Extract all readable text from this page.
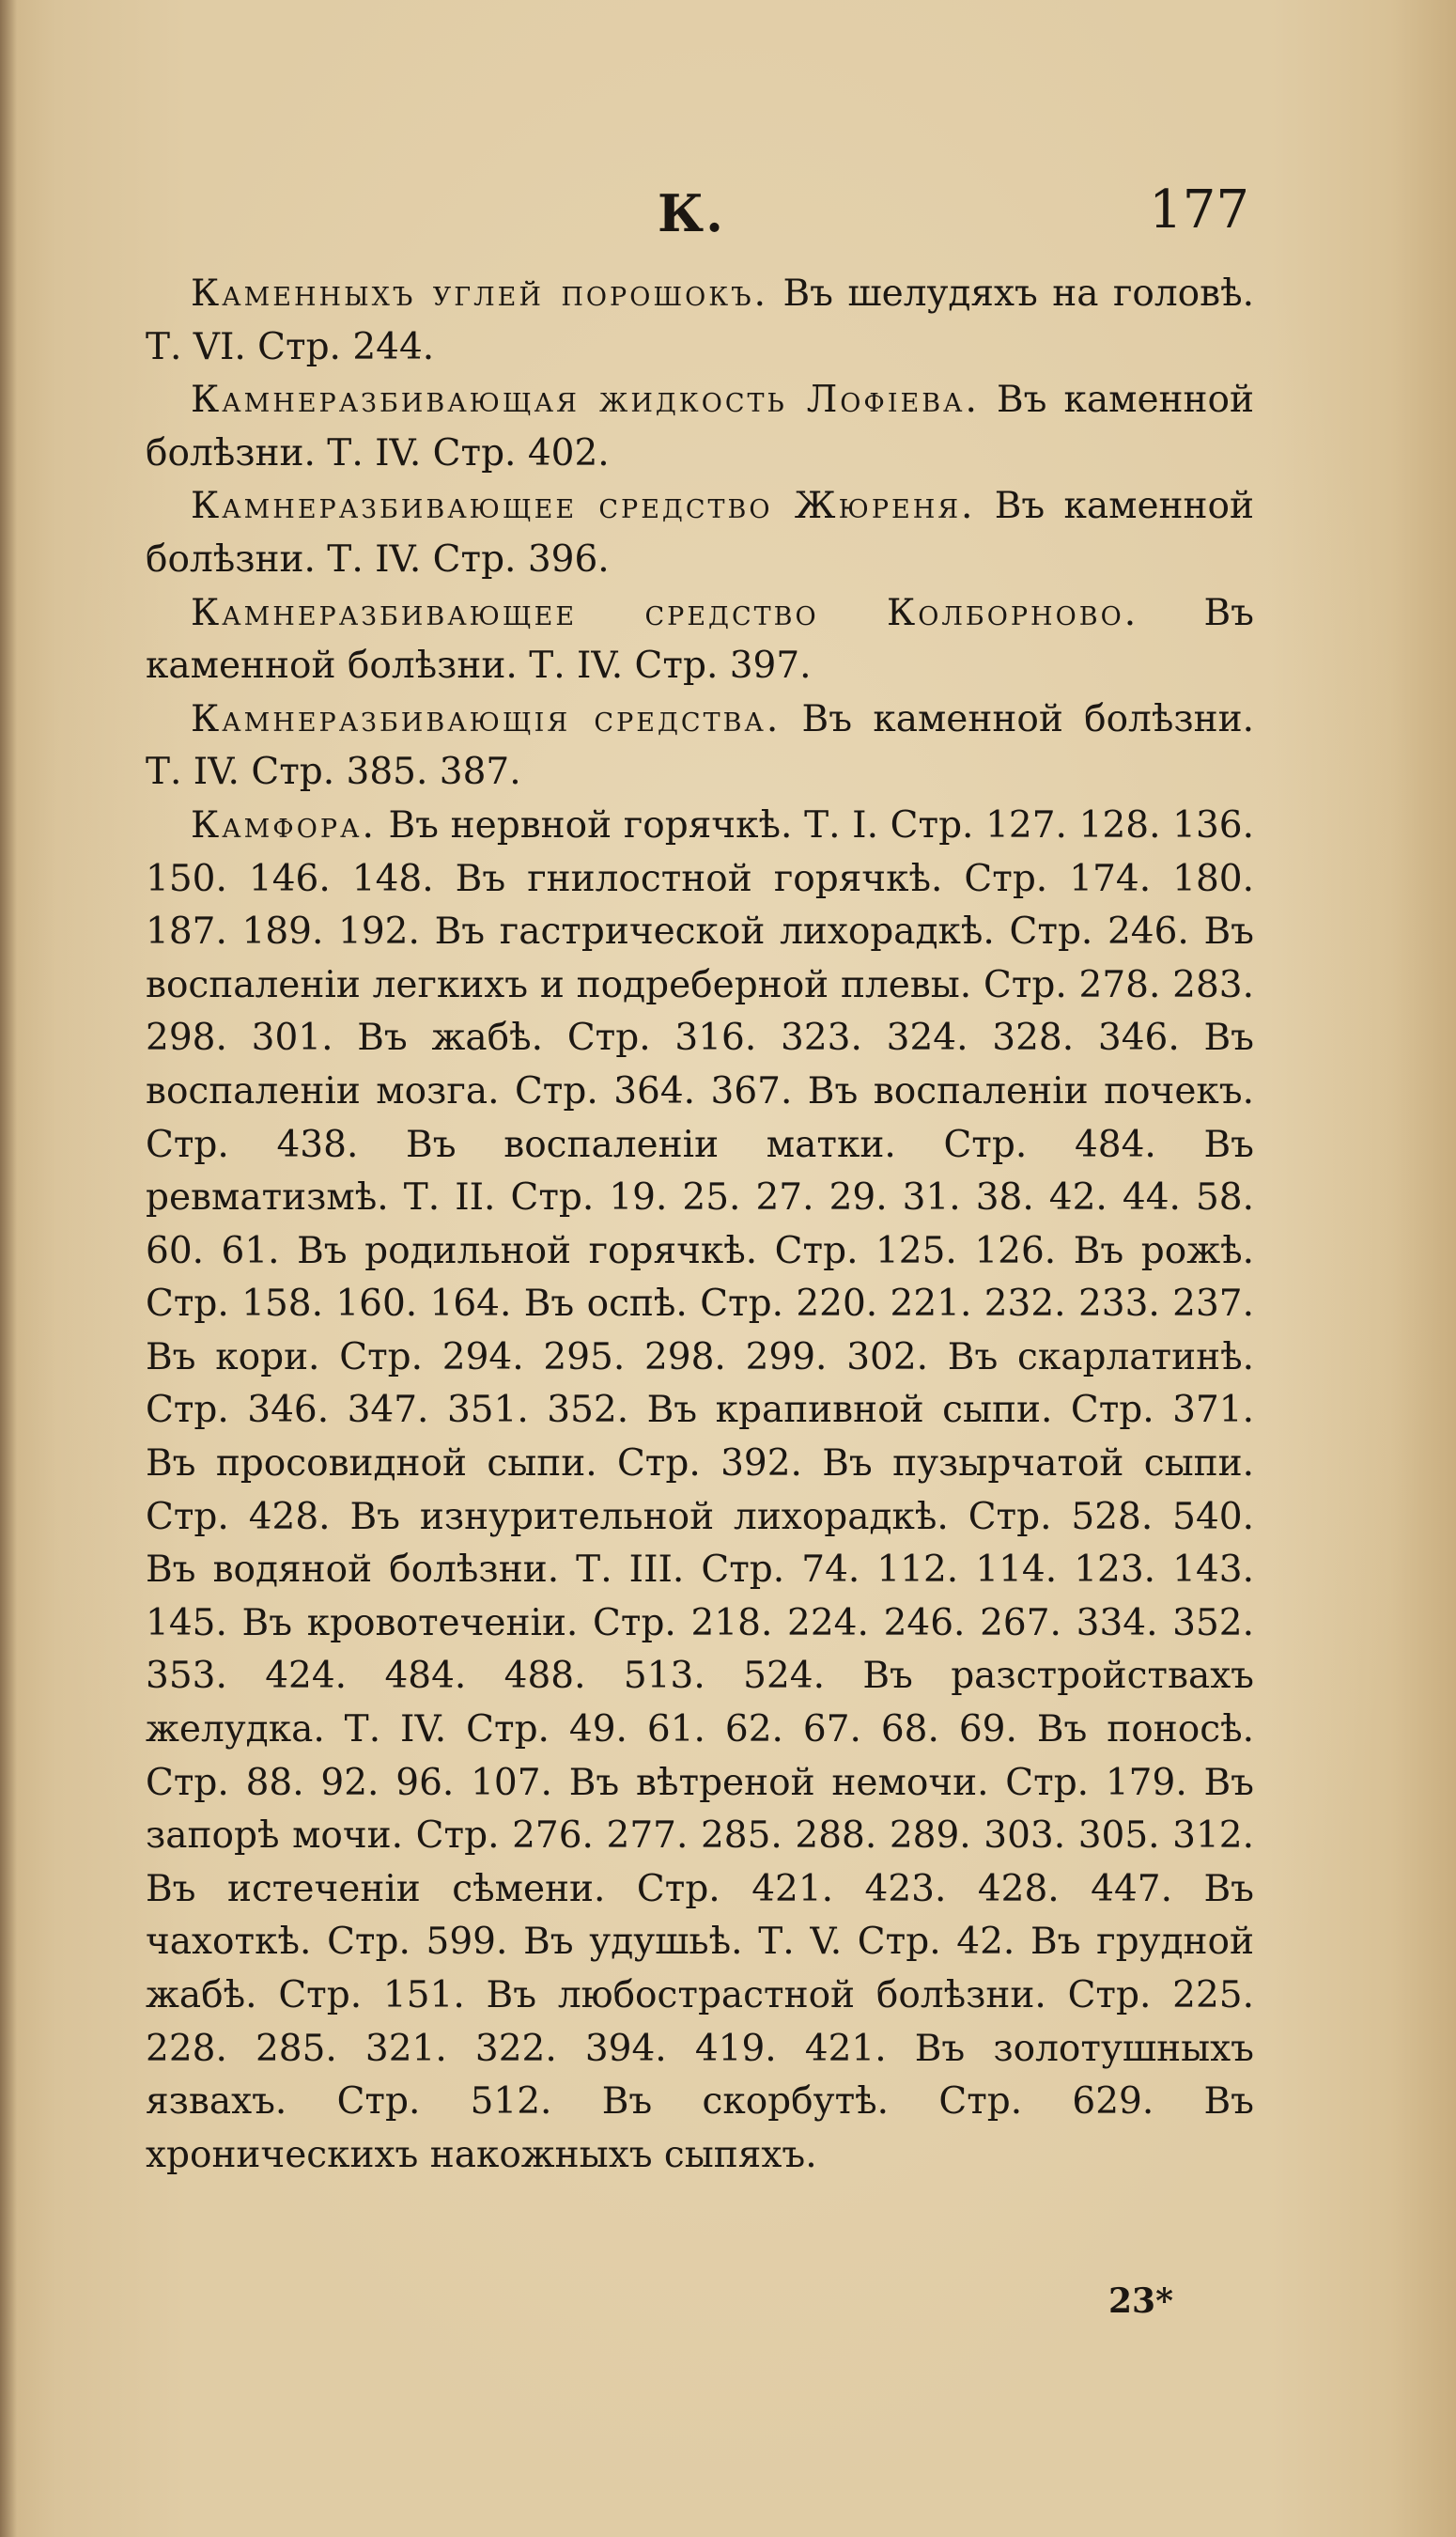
К.	177

Каменныхъ углей порошокъ. Въ шелудяхъ на головѣ. Т. VI. Стр. 244.

Камнеразбивающая жидкость Лофіева. Въ каменной болѣзни. Т. IV. Стр. 402.

Камнеразбивающее средство Жюреня. Въ каменной болѣзни. Т. IV. Стр. 396.

Камнеразбивающее средство Колборново. Въ каменной болѣзни. Т. IV. Стр. 397.

Камнеразбивающія средства. Въ каменной болѣзни. Т. IV. Стр. 385. 387.

Камфора. Въ нервной горячкѣ. Т. I. Стр. 127. 128. 136. 150. 146. 148. Въ гнилостной горячкѣ. Стр. 174. 180. 187. 189. 192. Въ гастрической лихорадкѣ. Стр. 246. Въ воспаленіи легкихъ и подреберной плевы. Стр. 278. 283. 298. 301. Въ жабѣ. Стр. 316. 323. 324. 328. 346. Въ воспаленіи мозга. Стр. 364. 367. Въ воспаленіи почекъ. Стр. 438. Въ воспаленіи матки. Стр. 484. Въ ревматизмѣ. Т. II. Стр. 19. 25. 27. 29. 31. 38. 42. 44. 58. 60. 61. Въ родильной горячкѣ. Стр. 125. 126. Въ рожѣ. Стр. 158. 160. 164. Въ оспѣ. Стр. 220. 221. 232. 233. 237. Въ кори. Стр. 294. 295. 298. 299. 302. Въ скарлатинѣ. Стр. 346. 347. 351. 352. Въ крапивной сыпи. Стр. 371. Въ просовидной сыпи. Стр. 392. Въ пузырчатой сыпи. Стр. 428. Въ изнурительной лихорадкѣ. Стр. 528. 540. Въ водяной болѣзни. Т. III. Стр. 74. 112. 114. 123. 143. 145. Въ кровотеченіи. Стр. 218. 224. 246. 267. 334. 352. 353. 424. 484. 488. 513. 524. Въ разстройствахъ желудка. Т. IV. Стр. 49. 61. 62. 67. 68. 69. Въ поносѣ. Стр. 88. 92. 96. 107. Въ вѣтреной немочи. Стр. 179. Въ запорѣ мочи. Стр. 276. 277. 285. 288. 289. 303. 305. 312. Въ истеченіи сѣмени. Стр. 421. 423. 428. 447. Въ чахоткѣ. Стр. 599. Въ удушьѣ. Т. V. Стр. 42. Въ грудной жабѣ. Стр. 151. Въ любострастной болѣзни. Стр. 225. 228. 285. 321. 322. 394. 419. 421. Въ золотушныхъ язвахъ. Стр. 512. Въ скорбутѣ. Стр. 629. Въ хроническихъ накожныхъ сыпяхъ.

23*
